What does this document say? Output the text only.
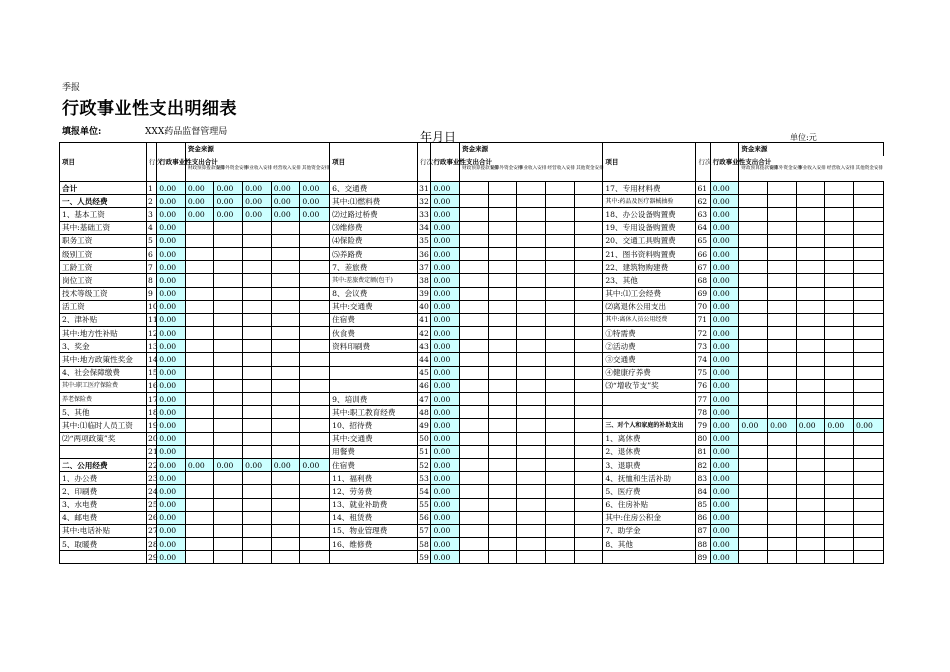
季报
行政事业性支出明细表
填报单位:	XXX药品监督管理局	年月日	单位:元
项目	行次	行政事业性支出合计	资金来源					项目	行次	行政事业性支出合计	资金来源					项目	行次	行政事业性支出合计	资金来源				
			财政预算拨款安排	预算外资金安排	事业收入安排	经营收入安排	其他资金安排				财政预算拨款安排	预算外资金安排	事业收入安排	经营收入安排	其他资金安排				财政预算拨款安排	预算外资金安排	事业收入安排	经营收入安排	其他资金安排
合计	1	0.00	0.00	0.00	0.00	0.00	0.00	6、交通费	31	0.00						17、专用材料费	61	0.00					
一、人员经费	2	0.00	0.00	0.00	0.00	0.00	0.00	其中:⑴燃料费	32	0.00						其中:药品及医疗器械抽验	62	0.00					
1、基本工资	3	0.00	0.00	0.00	0.00	0.00	0.00	⑵过路过桥费	33	0.00						18、办公设备购置费	63	0.00					
其中:基础工资	4	0.00						⑶维修费	34	0.00						19、专用设备购置费	64	0.00					
职务工资	5	0.00						⑷保险费	35	0.00						20、交通工具购置费	65	0.00					
级别工资	6	0.00						⑸养路费	36	0.00						21、图书资料购置费	66	0.00					
工龄工资	7	0.00						7、差旅费	37	0.00						22、建筑物购建费	67	0.00					
岗位工资	8	0.00						其中:差旅费定额(包干)	38	0.00						23、其他	68	0.00					
技术等级工资	9	0.00						8、会议费	39	0.00						其中:⑴工会经费	69	0.00					
活工资	10	0.00						其中:交通费	40	0.00						⑵离退休公用支出	70	0.00					
2、津补贴	11	0.00						住宿费	41	0.00						其中:离休人员公用经费	71	0.00					
其中:地方性补贴	12	0.00						伙食费	42	0.00						①特需费	72	0.00					
3、奖金	13	0.00						资料印刷费	43	0.00						②活动费	73	0.00					
其中:地方政策性奖金	14	0.00							44	0.00						③交通费	74	0.00					
4、社会保障缴费	15	0.00							45	0.00						④健康疗养费	75	0.00					
其中:职工医疗保险费	16	0.00							46	0.00						⑶“增收节支”奖	76	0.00					
养老保险费	17	0.00						9、培训费	47	0.00							77	0.00					
5、其他	18	0.00						其中:职工教育经费	48	0.00							78	0.00					
其中:⑴临时人员工资	19	0.00						10、招待费	49	0.00						三、对个人和家庭的补助支出	79	0.00	0.00	0.00	0.00	0.00	0.00
⑵“两项政策”奖	20	0.00						其中:交通费	50	0.00						1、离休费	80	0.00					
	21	0.00						用餐费	51	0.00						2、退休费	81	0.00					
二、公用经费	22	0.00	0.00	0.00	0.00	0.00	0.00	住宿费	52	0.00						3、退职费	82	0.00					
1、办公费	23	0.00						11、福利费	53	0.00						4、抚恤和生活补助	83	0.00					
2、印刷费	24	0.00						12、劳务费	54	0.00						5、医疗费	84	0.00					
3、水电费	25	0.00						13、就业补助费	55	0.00						6、住房补贴	85	0.00					
4、邮电费	26	0.00						14、租赁费	56	0.00						其中:住房公积金	86	0.00					
其中:电话补贴	27	0.00						15、物业管理费	57	0.00						7、助学金	87	0.00					
5、取暖费	28	0.00						16、维修费	58	0.00						8、其他	88	0.00					
	29	0.00							59	0.00							89	0.00					
